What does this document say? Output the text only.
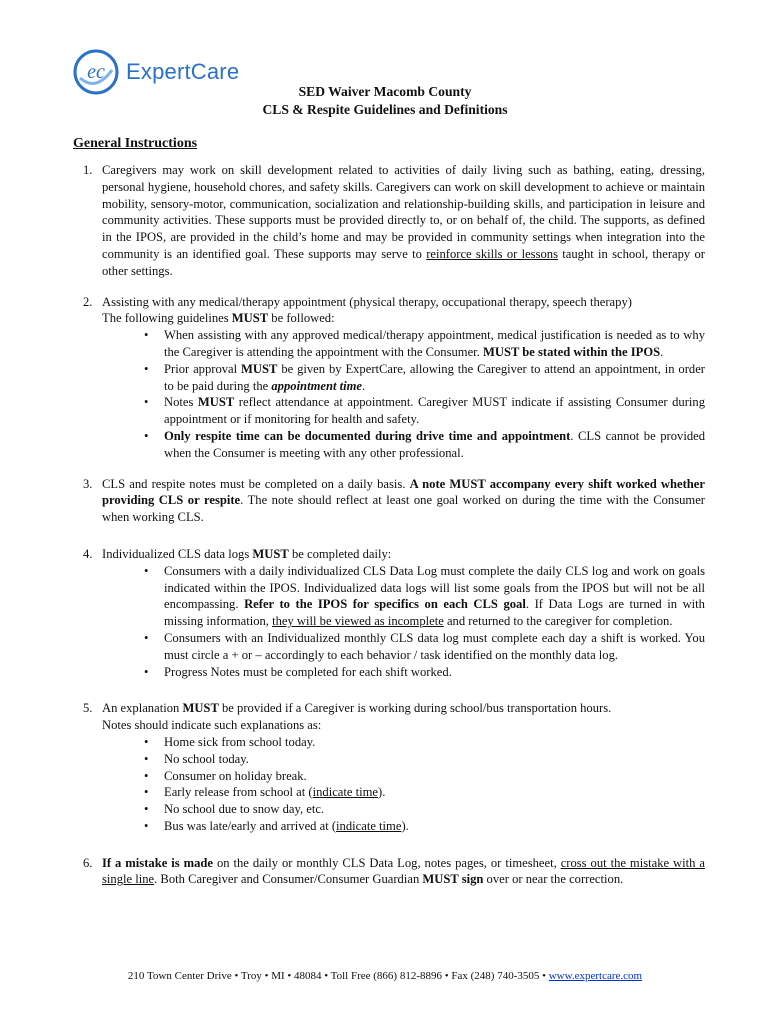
ec ExpertCare
SED Waiver Macomb County
CLS & Respite Guidelines and Definitions
General Instructions
1. Caregivers may work on skill development related to activities of daily living such as bathing, eating, dressing, personal hygiene, household chores, and safety skills. Caregivers can work on skill development to achieve or maintain mobility, sensory-motor, communication, socialization and relationship-building skills, and participation in leisure and community activities. These supports must be provided directly to, or on behalf of, the child. The supports, as defined in the IPOS, are provided in the child’s home and may be provided in community settings when integration into the community is an identified goal. These supports may serve to reinforce skills or lessons taught in school, therapy or other settings.
2. Assisting with any medical/therapy appointment (physical therapy, occupational therapy, speech therapy)
The following guidelines MUST be followed:
• When assisting with any approved medical/therapy appointment, medical justification is needed as to why the Caregiver is attending the appointment with the Consumer. MUST be stated within the IPOS.
• Prior approval MUST be given by ExpertCare, allowing the Caregiver to attend an appointment, in order to be paid during the appointment time.
• Notes MUST reflect attendance at appointment. Caregiver MUST indicate if assisting Consumer during appointment or if monitoring for health and safety.
• Only respite time can be documented during drive time and appointment. CLS cannot be provided when the Consumer is meeting with any other professional.
3. CLS and respite notes must be completed on a daily basis. A note MUST accompany every shift worked whether providing CLS or respite. The note should reflect at least one goal worked on during the time with the Consumer when working CLS.
4. Individualized CLS data logs MUST be completed daily:
• Consumers with a daily individualized CLS Data Log must complete the daily CLS log and work on goals indicated within the IPOS. Individualized data logs will list some goals from the IPOS but will not be all encompassing. Refer to the IPOS for specifics on each CLS goal. If Data Logs are turned in with missing information, they will be viewed as incomplete and returned to the caregiver for completion.
• Consumers with an Individualized monthly CLS data log must complete each day a shift is worked. You must circle a + or – accordingly to each behavior / task identified on the monthly data log.
• Progress Notes must be completed for each shift worked.
5. An explanation MUST be provided if a Caregiver is working during school/bus transportation hours.
Notes should indicate such explanations as:
• Home sick from school today.
• No school today.
• Consumer on holiday break.
• Early release from school at (indicate time).
• No school due to snow day, etc.
• Bus was late/early and arrived at (indicate time).
6. If a mistake is made on the daily or monthly CLS Data Log, notes pages, or timesheet, cross out the mistake with a single line. Both Caregiver and Consumer/Consumer Guardian MUST sign over or near the correction.
210 Town Center Drive • Troy • MI • 48084 • Toll Free (866) 812-8896 • Fax (248) 740-3505 • www.expertcare.com
